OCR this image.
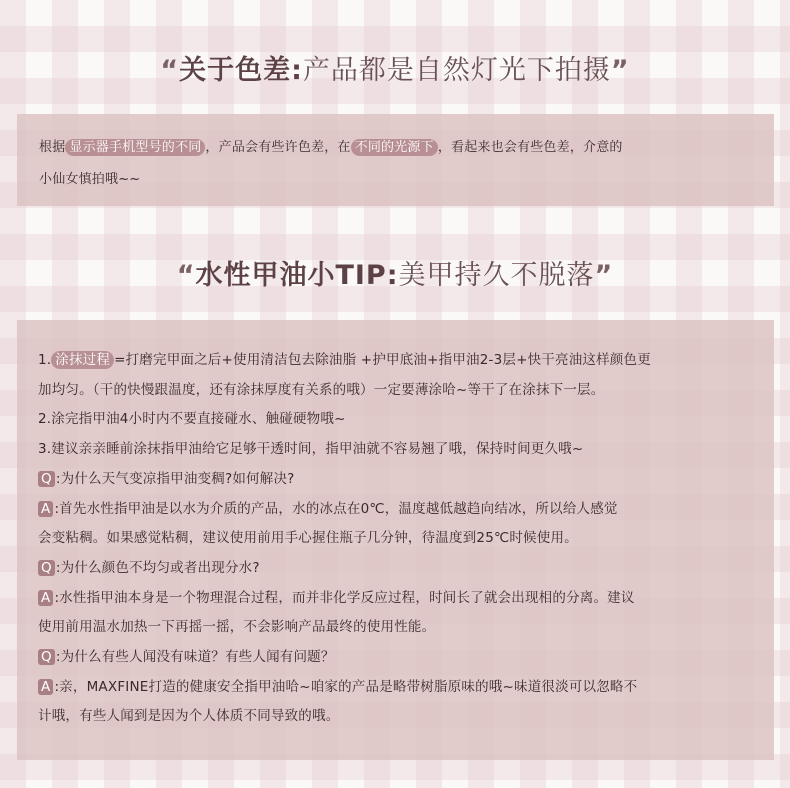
“关于色差:产品都是自然灯光下拍摄”
根据 显示器手机型号的不同 ，产品会有些许色差，在 不同的光源下 ，看起来也会有些色差，介意的
小仙女慎拍哦~~
“水性甲油小TIP:美甲持久不脱落”
1. 涂抹过程 =打磨完甲面之后+使用清洁包去除油脂 +护甲底油+指甲油2-3层+快干亮油这样颜色更
加均匀。（干的快慢跟温度，还有涂抹厚度有关系的哦）一定要薄涂哈~等干了在涂抹下一层。
2.涂完指甲油4小时内不要直接碰水、触碰硬物哦~
3.建议亲亲睡前涂抹指甲油给它足够干透时间，指甲油就不容易翘了哦，保持时间更久哦~
Q :为什么天气变凉指甲油变稠?如何解决?
A :首先水性指甲油是以水为介质的产品，水的冰点在0℃，温度越低越趋向结冰，所以给人感觉
会变粘稠。如果感觉粘稠，建议使用前用手心握住瓶子几分钟，待温度到25℃时候使用。
Q :为什么颜色不均匀或者出现分水?
A :水性指甲油本身是一个物理混合过程，而并非化学反应过程，时间长了就会出现相的分离。建议
使用前用温水加热一下再摇一摇，不会影响产品最终的使用性能。
Q :为什么有些人闻没有味道？有些人闻有问题？
A :亲，MAXFINE打造的健康安全指甲油哈~咱家的产品是略带树脂原味的哦~味道很淡可以忽略不
计哦，有些人闻到是因为个人体质不同导致的哦。
